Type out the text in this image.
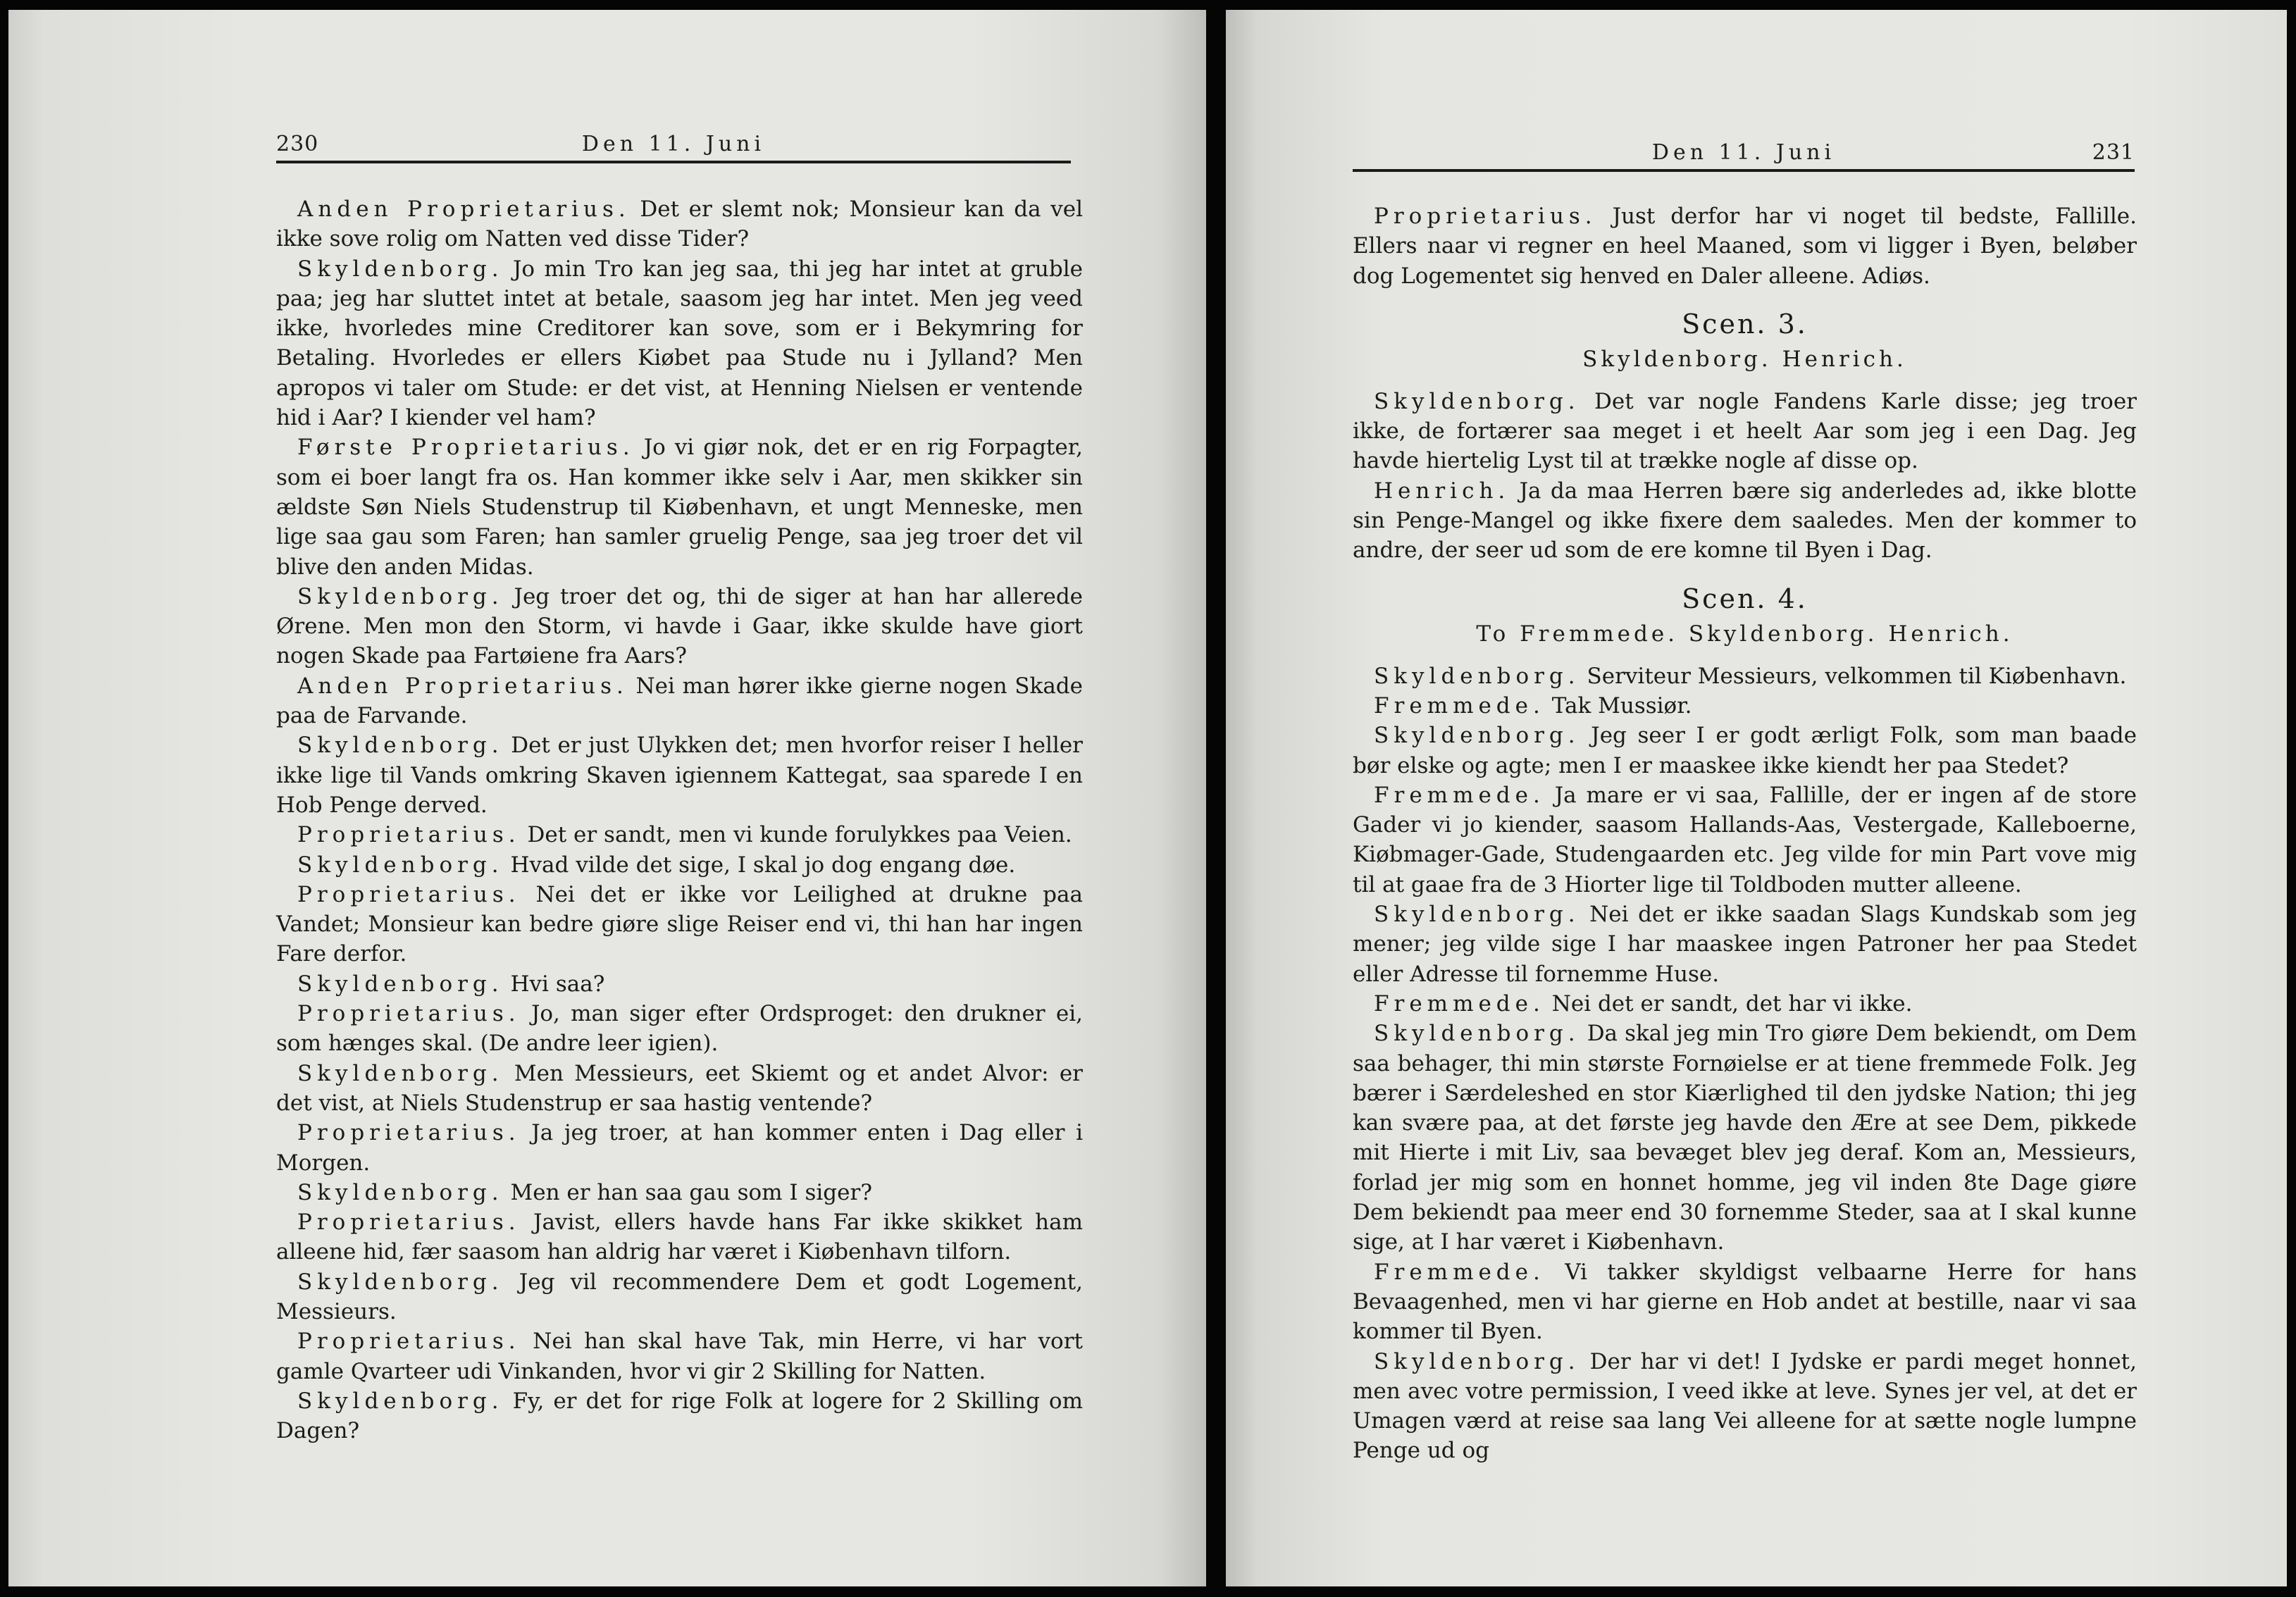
230	Den 11. Juni

Anden Proprietarius. Det er slemt nok; Monsieur kan da vel ikke sove rolig om Natten ved disse Tider?

Skyldenborg. Jo min Tro kan jeg saa, thi jeg har intet at gruble paa; jeg har sluttet intet at betale, saasom jeg har intet. Men jeg veed ikke, hvorledes mine Creditorer kan sove, som er i Bekymring for Betaling. Hvorledes er ellers Kiøbet paa Stude nu i Jylland? Men apropos vi taler om Stude: er det vist, at Henning Nielsen er ventende hid i Aar? I kiender vel ham?

Første Proprietarius. Jo vi giør nok, det er en rig Forpagter, som ei boer langt fra os. Han kommer ikke selv i Aar, men skikker sin ældste Søn Niels Studenstrup til Kiøbenhavn, et ungt Menneske, men lige saa gau som Faren; han samler gruelig Penge, saa jeg troer det vil blive den anden Midas.

Skyldenborg. Jeg troer det og, thi de siger at han har allerede Ørene. Men mon den Storm, vi havde i Gaar, ikke skulde have giort nogen Skade paa Fartøiene fra Aars?

Anden Proprietarius. Nei man hører ikke gierne nogen Skade paa de Farvande.

Skyldenborg. Det er just Ulykken det; men hvorfor reiser I heller ikke lige til Vands omkring Skaven igiennem Kattegat, saa sparede I en Hob Penge derved.

Proprietarius. Det er sandt, men vi kunde forulykkes paa Veien.

Skyldenborg. Hvad vilde det sige, I skal jo dog engang døe.

Proprietarius. Nei det er ikke vor Leilighed at drukne paa Vandet; Monsieur kan bedre giøre slige Reiser end vi, thi han har ingen Fare derfor.

Skyldenborg. Hvi saa?

Proprietarius. Jo, man siger efter Ordsproget: den drukner ei, som hænges skal. (De andre leer igien).

Skyldenborg. Men Messieurs, eet Skiemt og et andet Alvor: er det vist, at Niels Studenstrup er saa hastig ventende?

Proprietarius. Ja jeg troer, at han kommer enten i Dag eller i Morgen.

Skyldenborg. Men er han saa gau som I siger?

Proprietarius. Javist, ellers havde hans Far ikke skikket ham alleene hid, fær saasom han aldrig har været i Kiøbenhavn tilforn.

Skyldenborg. Jeg vil recommendere Dem et godt Logement, Messieurs.

Proprietarius. Nei han skal have Tak, min Herre, vi har vort gamle Qvarteer udi Vinkanden, hvor vi gir 2 Skilling for Natten.

Skyldenborg. Fy, er det for rige Folk at logere for 2 Skilling om Dagen?

Den 11. Juni	231

Proprietarius. Just derfor har vi noget til bedste, Fallille. Ellers naar vi regner en heel Maaned, som vi ligger i Byen, beløber dog Logementet sig henved en Daler alleene. Adiøs.

Scen. 3.
Skyldenborg. Henrich.

Skyldenborg. Det var nogle Fandens Karle disse; jeg troer ikke, de fortærer saa meget i et heelt Aar som jeg i een Dag. Jeg havde hiertelig Lyst til at trække nogle af disse op.

Henrich. Ja da maa Herren bære sig anderledes ad, ikke blotte sin Penge-Mangel og ikke fixere dem saaledes. Men der kommer to andre, der seer ud som de ere komne til Byen i Dag.

Scen. 4.
To Fremmede. Skyldenborg. Henrich.

Skyldenborg. Serviteur Messieurs, velkommen til Kiøbenhavn.

Fremmede. Tak Mussiør.

Skyldenborg. Jeg seer I er godt ærligt Folk, som man baade bør elske og agte; men I er maaskee ikke kiendt her paa Stedet?

Fremmede. Ja mare er vi saa, Fallille, der er ingen af de store Gader vi jo kiender, saasom Hallands-Aas, Vestergade, Kalleboerne, Kiøbmager-Gade, Studengaarden etc. Jeg vilde for min Part vove mig til at gaae fra de 3 Hiorter lige til Toldboden mutter alleene.

Skyldenborg. Nei det er ikke saadan Slags Kundskab som jeg mener; jeg vilde sige I har maaskee ingen Patroner her paa Stedet eller Adresse til fornemme Huse.

Fremmede. Nei det er sandt, det har vi ikke.

Skyldenborg. Da skal jeg min Tro giøre Dem bekiendt, om Dem saa behager, thi min største Fornøielse er at tiene fremmede Folk. Jeg bærer i Særdeleshed en stor Kiærlighed til den jydske Nation; thi jeg kan sværе paa, at det første jeg havde den Ære at see Dem, pikkede mit Hierte i mit Liv, saa bevæget blev jeg deraf. Kom an, Messieurs, forlad jer mig som en honnet homme, jeg vil inden 8te Dage giøre Dem bekiendt paa meer end 30 fornemme Steder, saa at I skal kunne sige, at I har været i Kiøbenhavn.

Fremmede. Vi takker skyldigst velbaarne Herre for hans Bevaagenhed, men vi har gierne en Hob andet at bestille, naar vi saa kommer til Byen.

Skyldenborg. Der har vi det! I Jydske er pardi meget honnet, men avec votre permission, I veed ikke at leve. Synes jer vel, at det er Umagen værd at reise saa lang Vei alleene for at sætte nogle lumpne Penge ud og
